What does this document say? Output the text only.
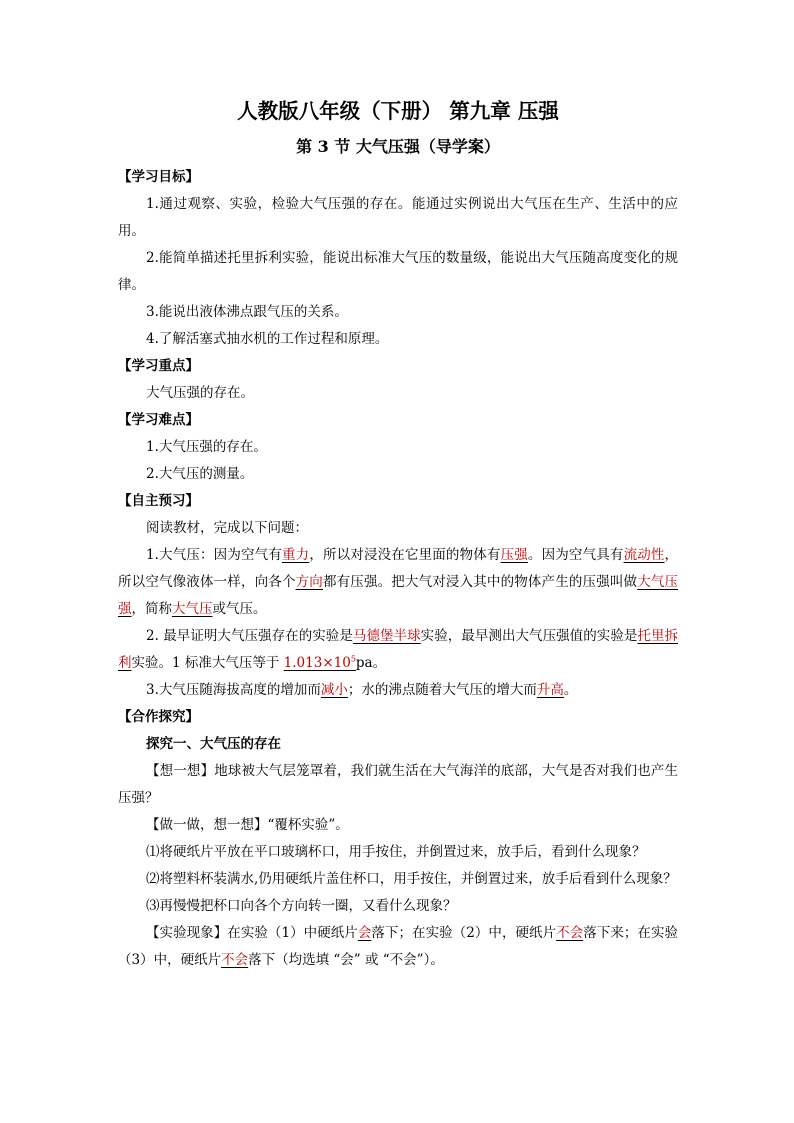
人教版八年级（下册） 第九章 压强
第 3 节 大气压强（导学案）

【学习目标】

1.通过观察、实验，检验大气压强的存在。能通过实例说出大气压在生产、生活中的应用。

2.能简单描述托里拆利实验，能说出标准大气压的数量级，能说出大气压随高度变化的规律。

3.能说出液体沸点跟气压的关系。

4.了解活塞式抽水机的工作过程和原理。

【学习重点】

大气压强的存在。

【学习难点】

1.大气压强的存在。

2.大气压的测量。

【自主预习】

阅读教材，完成以下问题：

1.大气压：因为空气有重力，所以对浸没在它里面的物体有压强。因为空气具有流动性，所以空气像液体一样，向各个方向都有压强。把大气对浸入其中的物体产生的压强叫做大气压强，简称大气压或气压。

2. 最早证明大气压强存在的实验是马德堡半球实验，最早测出大气压强值的实验是托里拆利实验。1 标准大气压等于 $1.013\times 10^5pa$。

3.大气压随海拔高度的增加而减小；水的沸点随着大气压的增大而升高。

【合作探究】

探究一、大气压的存在

【想一想】地球被大气层笼罩着，我们就生活在大气海洋的底部，大气是否对我们也产生压强？

【做一做，想一想】“覆杯实验”。

⑴将硬纸片平放在平口玻璃杯口，用手按住，并倒置过来，放手后，看到什么现象？

⑵将塑料杯装满水,仍用硬纸片盖住杯口，用手按住，并倒置过来，放手后看到什么现象？

⑶再慢慢把杯口向各个方向转一圈，又看什么现象？

【实验现象】在实验（1）中硬纸片会落下；在实验（2）中，硬纸片不会落下来；在实验（3）中，硬纸片不会落下（均选填 “会” 或 “不会”）。
